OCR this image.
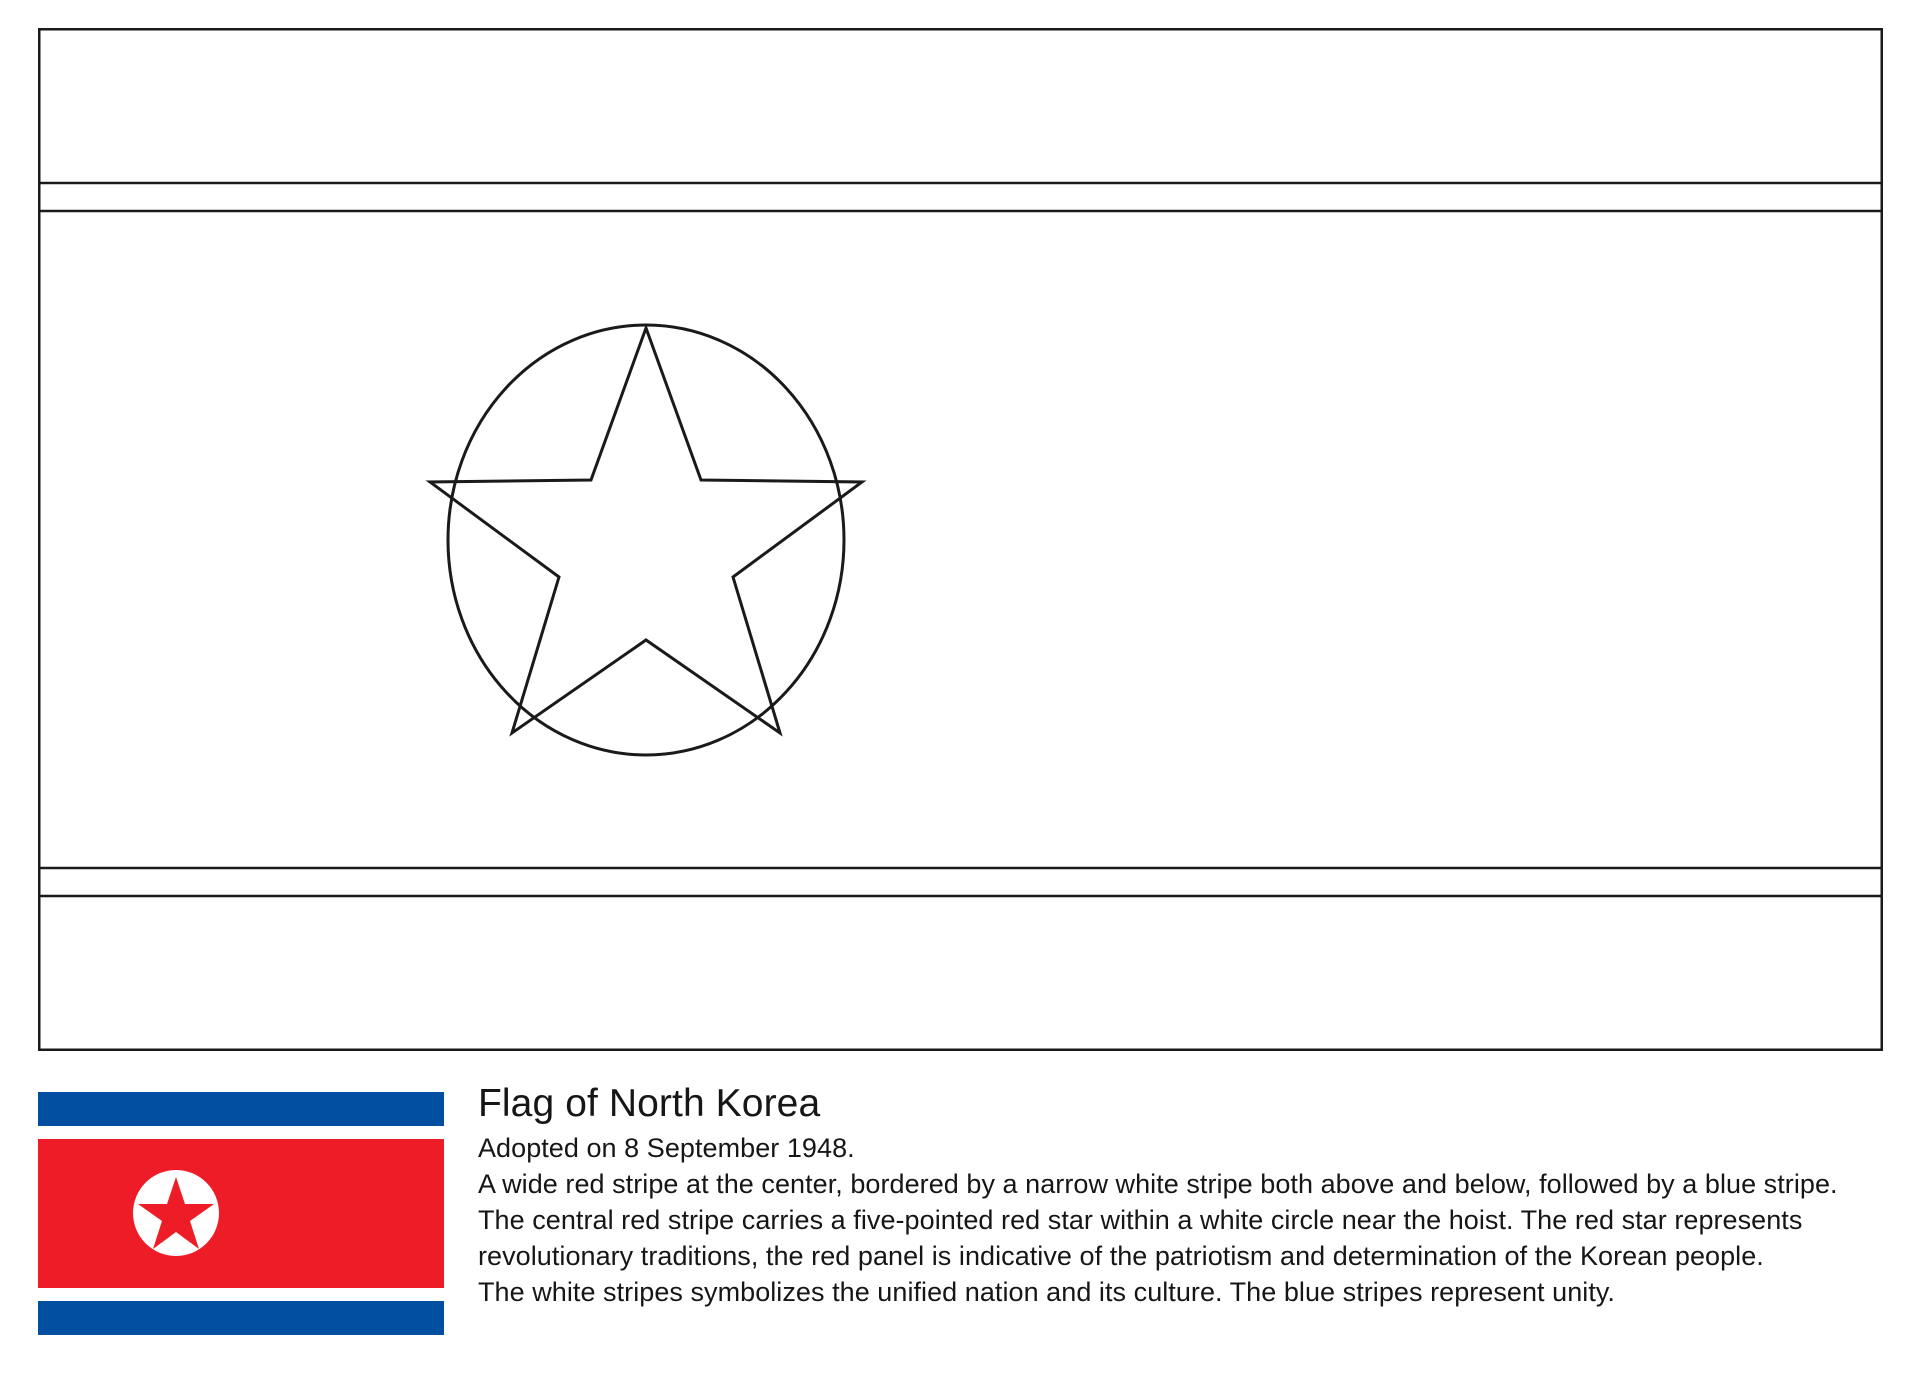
Flag of North Korea
Adopted on 8 September 1948.
A wide red stripe at the center, bordered by a narrow white stripe both above and below, followed by a blue stripe.
The central red stripe carries a five-pointed red star within a white circle near the hoist. The red star represents
revolutionary traditions, the red panel is indicative of the patriotism and determination of the Korean people.
The white stripes symbolizes the unified nation and its culture. The blue stripes represent unity.
